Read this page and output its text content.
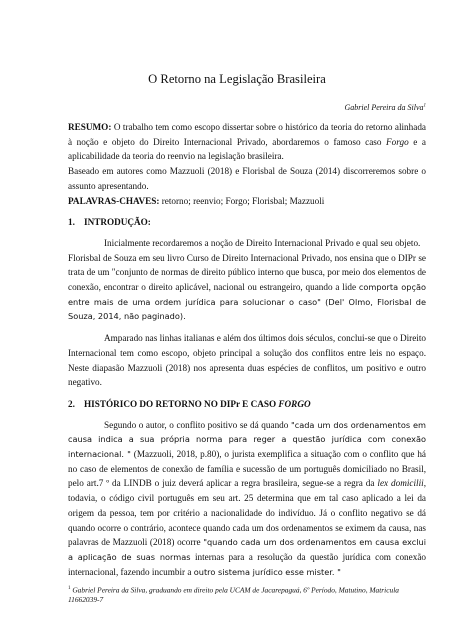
O Retorno na Legislação Brasileira
Gabriel Pereira da Silva$^1$

RESUMO: O trabalho tem como escopo dissertar sobre o histórico da teoria do retorno alinhada à noção e objeto do Direito Internacional Privado, abordaremos o famoso caso Forgo e a aplicabilidade da teoria do reenvio na legislação brasileira.

Baseado em autores como Mazzuoli (2018) e Florisbal de Souza (2014) discorreremos sobre o assunto apresentando.

PALAVRAS-CHAVES: retorno; reenvio; Forgo; Florisbal; Mazzuoli

1. INTRODUÇÃO:

Inicialmente recordaremos a noção de Direito Internacional Privado e qual seu objeto.

Florisbal de Souza em seu livro Curso de Direito Internacional Privado, nos ensina que o DIPr se trata de um "conjunto de normas de direito público interno que busca, por meio dos elementos de conexão, encontrar o direito aplicável, nacional ou estrangeiro, quando a lide comporta opção entre mais de uma ordem jurídica para solucionar o caso" (Del' Olmo, Florisbal de Souza, 2014, não paginado).

Amparado nas linhas italianas e além dos últimos dois séculos, conclui-se que o Direito Internacional tem como escopo, objeto principal a solução dos conflitos entre leis no espaço. Neste diapasão Mazzuoli (2018) nos apresenta duas espécies de conflitos, um positivo e outro negativo.

2. HISTÓRICO DO RETORNO NO DIPr E CASO FORGO

Segundo o autor, o conflito positivo se dá quando "cada um dos ordenamentos em causa indica a sua própria norma para reger a questão jurídica com conexão internacional. " (Mazzuoli, 2018, p.80), o jurista exemplifica a situação com o conflito que há no caso de elementos de conexão de família e sucessão de um português domiciliado no Brasil, pelo art.7 º da LINDB o juiz deverá aplicar a regra brasileira, segue-se a regra da lex domicilii, todavia, o código civil português em seu art. 25 determina que em tal caso aplicado a lei da origem da pessoa, tem por critério a nacionalidade do indivíduo. Já o conflito negativo se dá quando ocorre o contrário, acontece quando cada um dos ordenamentos se eximem da causa, nas palavras de Mazzuoli (2018) ocorre "quando cada um dos ordenamentos em causa exclui a aplicação de suas normas internas para a resolução da questão jurídica com conexão internacional, fazendo incumbir a outro sistema jurídico esse mister. "

$^1$ Gabriel Pereira da Silva, graduando em direito pela UCAM de Jacarepaguá, 6º Período, Matutino, Matricula 11662039-7
